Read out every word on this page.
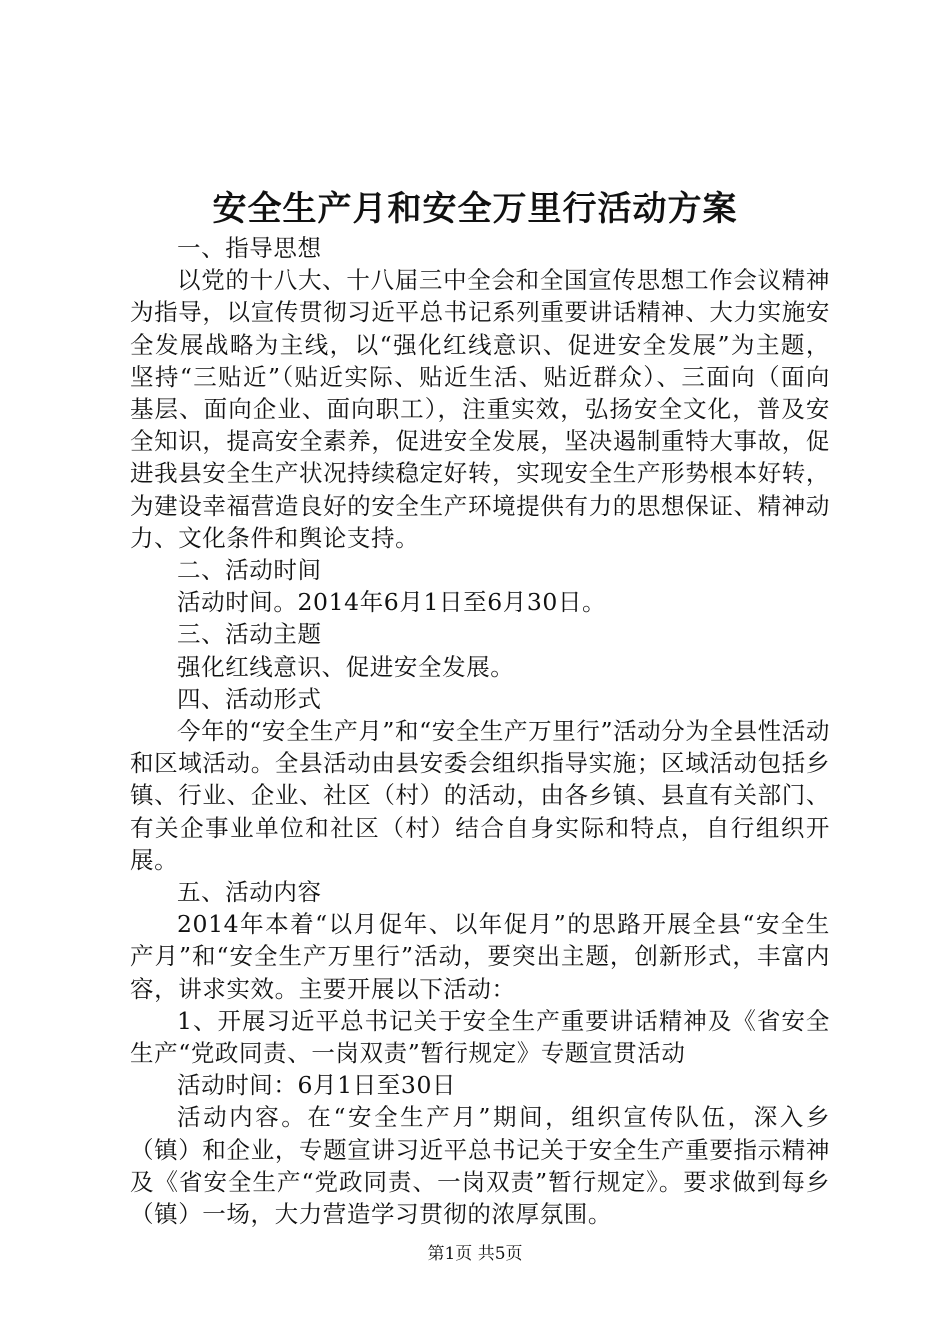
安全生产月和安全万里行活动方案

一、指导思想

以党的十八大、十八届三中全会和全国宣传思想工作会议精神为指导，以宣传贯彻习近平总书记系列重要讲话精神、大力实施安全发展战略为主线，以“强化红线意识、促进安全发展”为主题，坚持“三贴近”（贴近实际、贴近生活、贴近群众）、三面向（面向基层、面向企业、面向职工），注重实效，弘扬安全文化，普及安全知识，提高安全素养，促进安全发展，坚决遏制重特大事故，促进我县安全生产状况持续稳定好转，实现安全生产形势根本好转，为建设幸福营造良好的安全生产环境提供有力的思想保证、精神动力、文化条件和舆论支持。

二、活动时间

活动时间。2014年6月1日至6月30日。

三、活动主题

强化红线意识、促进安全发展。

四、活动形式

今年的“安全生产月”和“安全生产万里行”活动分为全县性活动和区域活动。全县活动由县安委会组织指导实施；区域活动包括乡镇、行业、企业、社区（村）的活动，由各乡镇、县直有关部门、有关企事业单位和社区（村）结合自身实际和特点，自行组织开展。

五、活动内容

2014年本着“以月促年、以年促月”的思路开展全县“安全生产月”和“安全生产万里行”活动，要突出主题，创新形式，丰富内容，讲求实效。主要开展以下活动：

1、开展习近平总书记关于安全生产重要讲话精神及《省安全生产“党政同责、一岗双责”暂行规定》专题宣贯活动

活动时间：6月1日至30日

活动内容。在“安全生产月”期间，组织宣传队伍，深入乡（镇）和企业，专题宣讲习近平总书记关于安全生产重要指示精神及《省安全生产“党政同责、一岗双责”暂行规定》。要求做到每乡（镇）一场，大力营造学习贯彻的浓厚氛围。

第1页 共5页
